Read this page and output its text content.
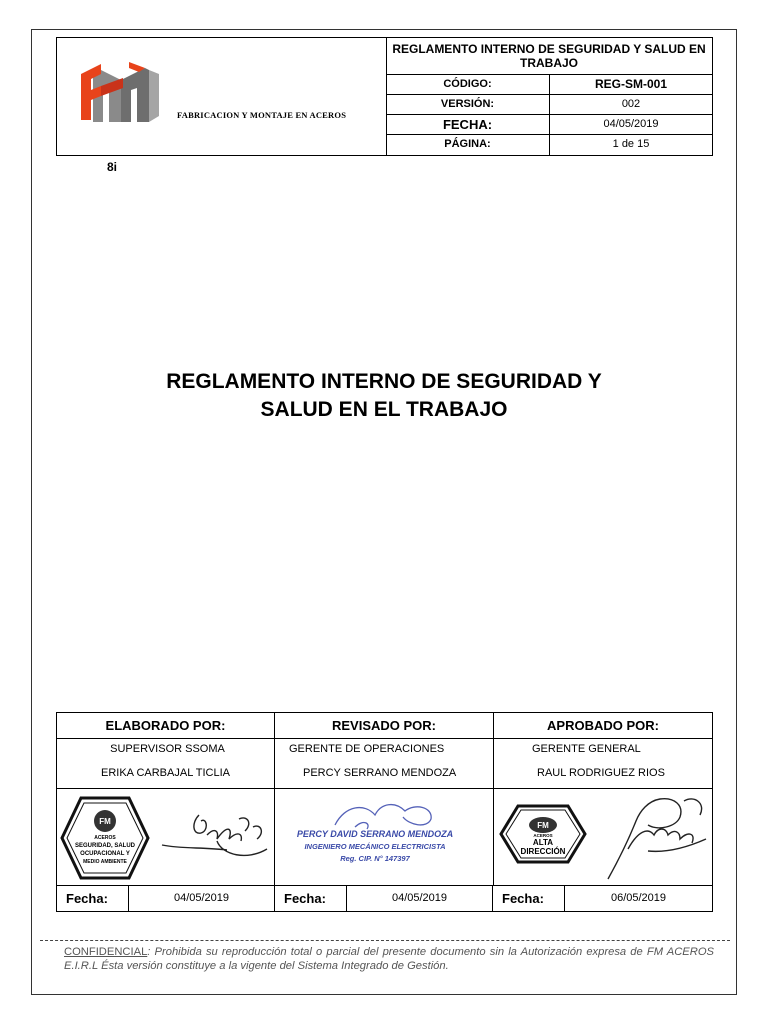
FABRICACION Y MONTAJE EN ACEROS
REGLAMENTO INTERNO DE SEGURIDAD Y SALUD EN TRABAJO
CÓDIGO:	REG-SM-001
VERSIÓN:	002
FECHA:	04/05/2019
PÁGINA:	1 de 15
8i
REGLAMENTO INTERNO DE SEGURIDAD Y
SALUD EN EL TRABAJO
ELABORADO POR:	REVISADO POR:	APROBADO POR:
SUPERVISOR SSOMA
ERIKA CARBAJAL TICLIA
GERENTE DE OPERACIONES
PERCY SERRANO MENDOZA
GERENTE GENERAL
RAUL RODRIGUEZ RIOS
FM
ACEROS
SEGURIDAD, SALUD
OCUPACIONAL Y
MEDIO AMBIENTE
PERCY DAVID SERRANO MENDOZA
INGENIERO MECÁNICO ELECTRICISTA
Reg. CIP. N° 147397
FM
ACEROS
ALTA
DIRECCIÓN
Fecha:	04/05/2019	Fecha:	04/05/2019	Fecha:	06/05/2019
CONFIDENCIAL: Prohibida su reproducción total o parcial del presente documento sin la Autorización expresa de FM ACEROS E.I.R.L Ésta versión constituye a la vigente del Sistema Integrado de Gestión.
